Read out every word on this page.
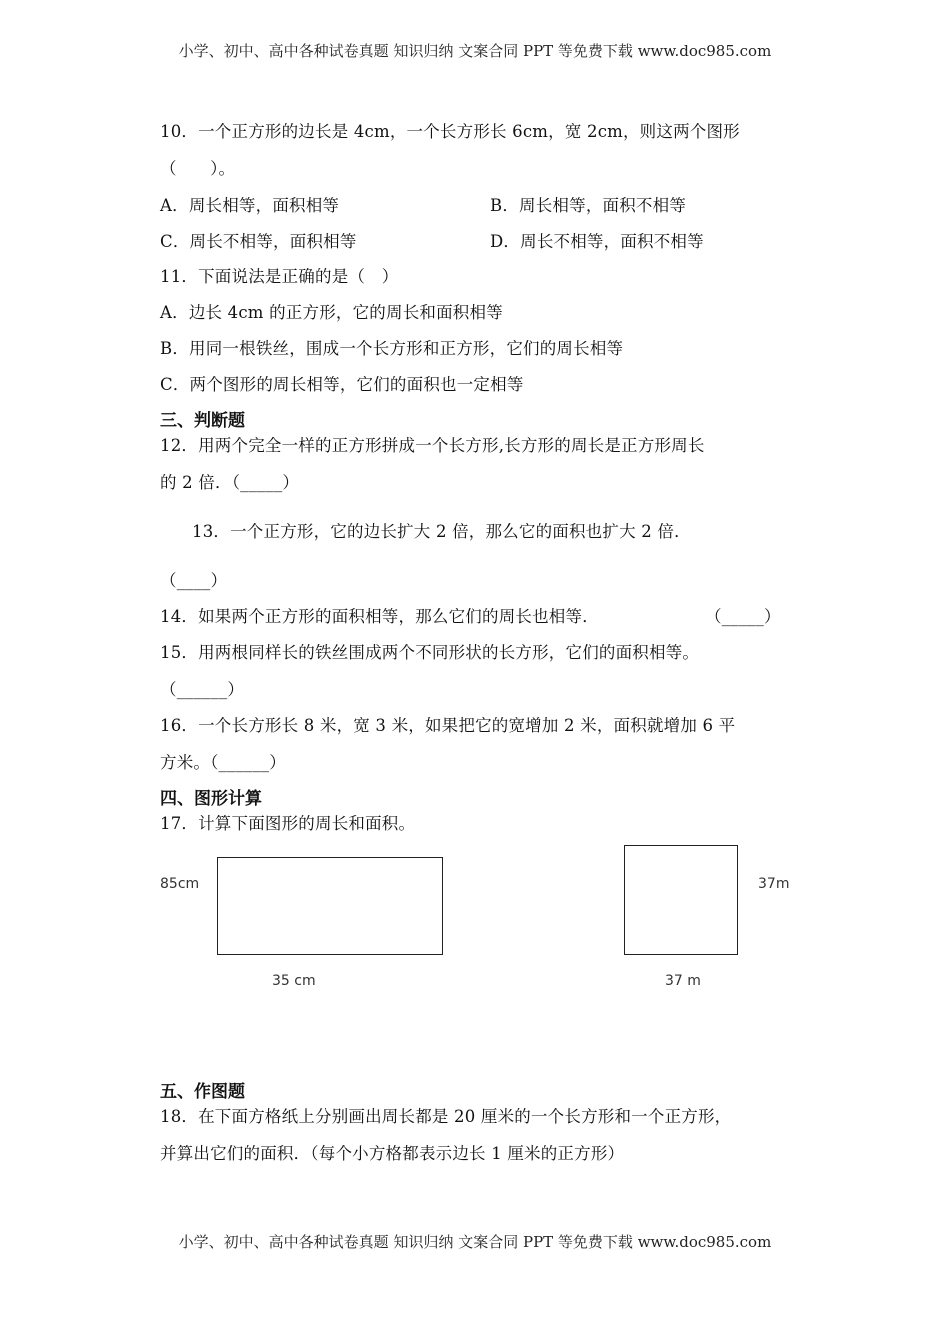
小学、初中、高中各种试卷真题 知识归纳 文案合同 PPT 等免费下载 www.doc985.com
10．一个正方形的边长是 4cm，一个长方形长 6cm，宽 2cm，则这两个图形
（　　）。
A．周长相等，面积相等	B．周长相等，面积不相等
C．周长不相等，面积相等	D．周长不相等，面积不相等
11．下面说法是正确的是（　）
A．边长 4cm 的正方形，它的周长和面积相等
B．用同一根铁丝，围成一个长方形和正方形，它们的周长相等
C．两个图形的周长相等，它们的面积也一定相等
三、判断题
12．用两个完全一样的正方形拼成一个长方形,长方形的周长是正方形周长
的 2 倍．（_____）
13．一个正方形，它的边长扩大 2 倍，那么它的面积也扩大 2 倍．
（____）
14．如果两个正方形的面积相等，那么它们的周长也相等．	（_____）
15．用两根同样长的铁丝围成两个不同形状的长方形，它们的面积相等。
（______）
16．一个长方形长 8 米，宽 3 米，如果把它的宽增加 2 米，面积就增加 6 平
方米。（______）
四、图形计算
17．计算下面图形的周长和面积。
85cm
35 cm
37m
37 m
五、作图题
18．在下面方格纸上分别画出周长都是 20 厘米的一个长方形和一个正方形，
并算出它们的面积．（每个小方格都表示边长 1 厘米的正方形）
小学、初中、高中各种试卷真题 知识归纳 文案合同 PPT 等免费下载 www.doc985.com
